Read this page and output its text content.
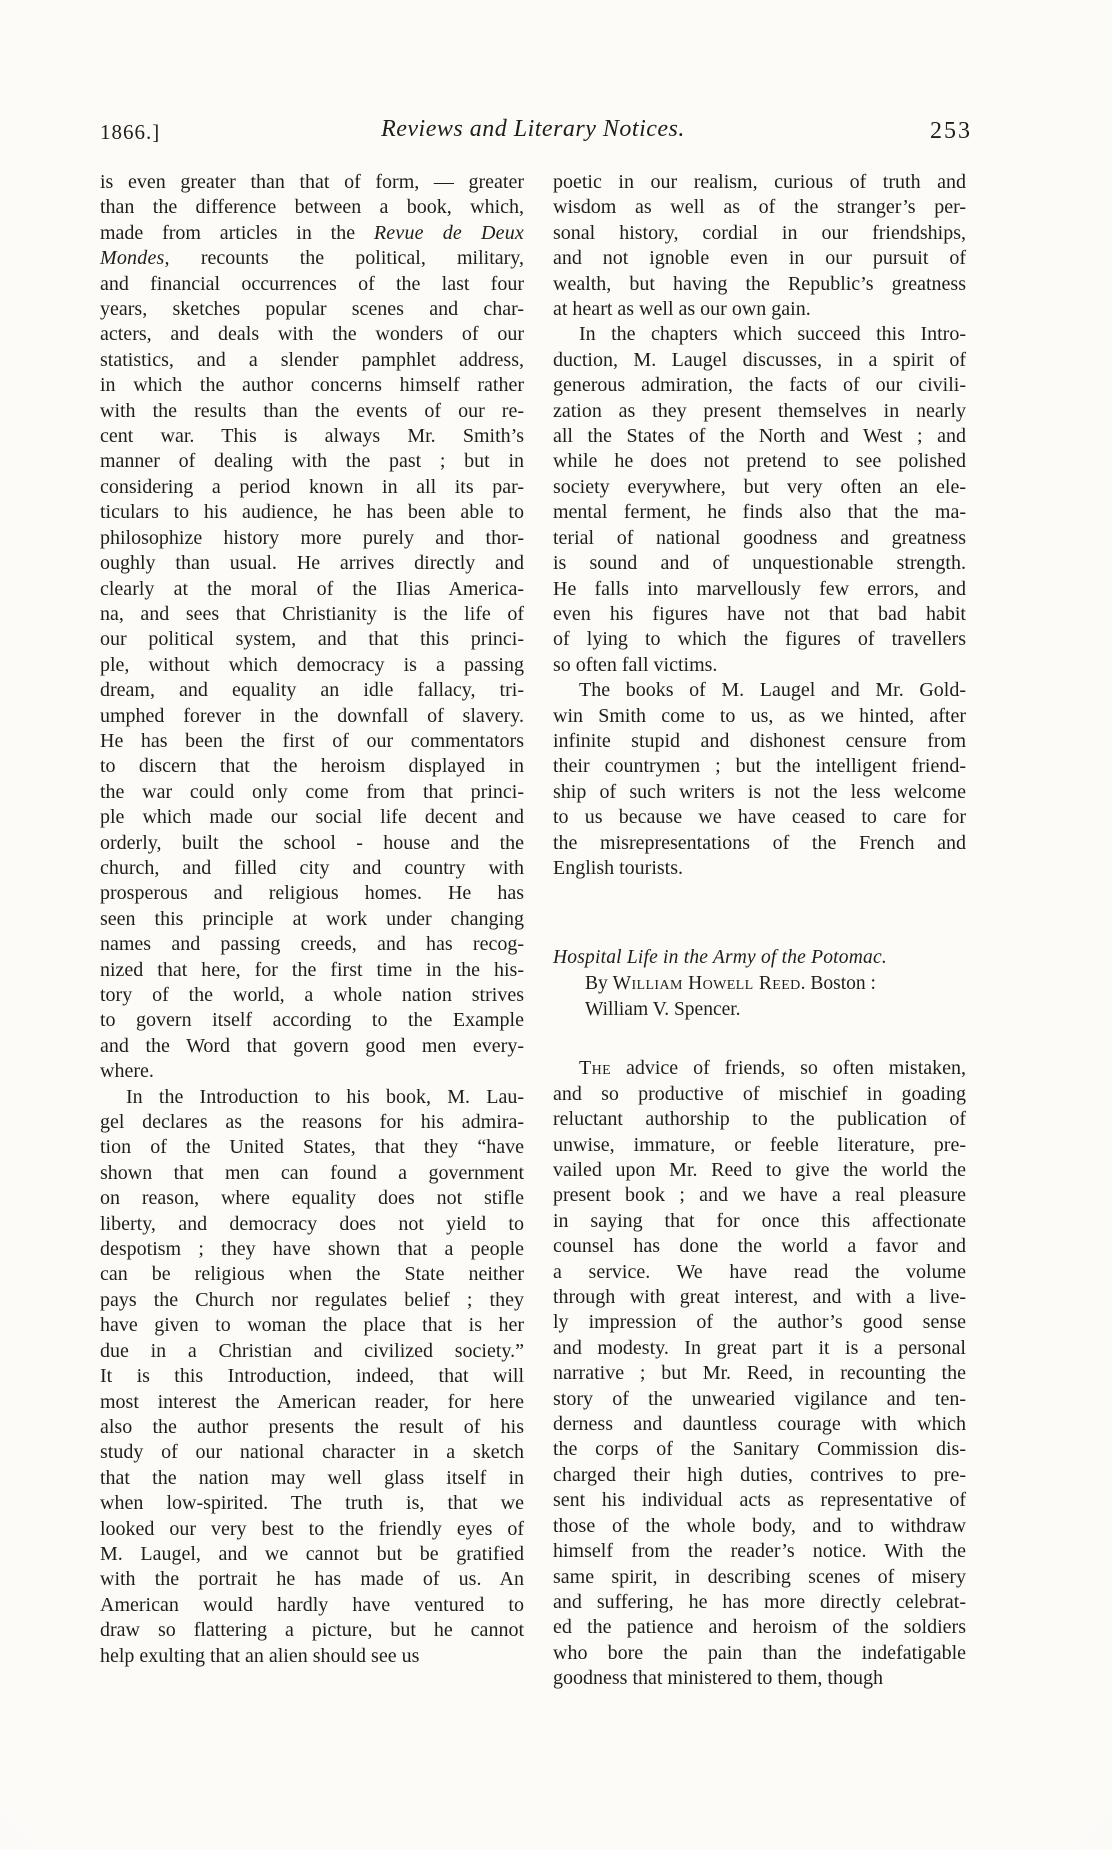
1866.]	Reviews and Literary Notices.	253
is even greater than that of form, — greater
than the difference between a book, which,
made from articles in the Revue de Deux
Mondes, recounts the political, military,
and financial occurrences of the last four
years, sketches popular scenes and char-
acters, and deals with the wonders of our
statistics, and a slender pamphlet address,
in which the author concerns himself rather
with the results than the events of our re-
cent war. This is always Mr. Smith’s
manner of dealing with the past ; but in
considering a period known in all its par-
ticulars to his audience, he has been able to
philosophize history more purely and thor-
oughly than usual. He arrives directly and
clearly at the moral of the Ilias America-
na, and sees that Christianity is the life of
our political system, and that this princi-
ple, without which democracy is a passing
dream, and equality an idle fallacy, tri-
umphed forever in the downfall of slavery.
He has been the first of our commentators
to discern that the heroism displayed in
the war could only come from that princi-
ple which made our social life decent and
orderly, built the school - house and the
church, and filled city and country with
prosperous and religious homes. He has
seen this principle at work under changing
names and passing creeds, and has recog-
nized that here, for the first time in the his-
tory of the world, a whole nation strives
to govern itself according to the Example
and the Word that govern good men every-
where.
In the Introduction to his book, M. Lau-
gel declares as the reasons for his admira-
tion of the United States, that they “have
shown that men can found a government
on reason, where equality does not stifle
liberty, and democracy does not yield to
despotism ; they have shown that a people
can be religious when the State neither
pays the Church nor regulates belief ; they
have given to woman the place that is her
due in a Christian and civilized society.”
It is this Introduction, indeed, that will
most interest the American reader, for here
also the author presents the result of his
study of our national character in a sketch
that the nation may well glass itself in
when low-spirited. The truth is, that we
looked our very best to the friendly eyes of
M. Laugel, and we cannot but be gratified
with the portrait he has made of us. An
American would hardly have ventured to
draw so flattering a picture, but he cannot
help exulting that an alien should see us
poetic in our realism, curious of truth and
wisdom as well as of the stranger’s per-
sonal history, cordial in our friendships,
and not ignoble even in our pursuit of
wealth, but having the Republic’s greatness
at heart as well as our own gain.
In the chapters which succeed this Intro-
duction, M. Laugel discusses, in a spirit of
generous admiration, the facts of our civili-
zation as they present themselves in nearly
all the States of the North and West ; and
while he does not pretend to see polished
society everywhere, but very often an ele-
mental ferment, he finds also that the ma-
terial of national goodness and greatness
is sound and of unquestionable strength.
He falls into marvellously few errors, and
even his figures have not that bad habit
of lying to which the figures of travellers
so often fall victims.
The books of M. Laugel and Mr. Gold-
win Smith come to us, as we hinted, after
infinite stupid and dishonest censure from
their countrymen ; but the intelligent friend-
ship of such writers is not the less welcome
to us because we have ceased to care for
the misrepresentations of the French and
English tourists.
Hospital Life in the Army of the Potomac.
By William Howell Reed. Boston :
William V. Spencer.
The advice of friends, so often mistaken,
and so productive of mischief in goading
reluctant authorship to the publication of
unwise, immature, or feeble literature, pre-
vailed upon Mr. Reed to give the world the
present book ; and we have a real pleasure
in saying that for once this affectionate
counsel has done the world a favor and
a service. We have read the volume
through with great interest, and with a live-
ly impression of the author’s good sense
and modesty. In great part it is a personal
narrative ; but Mr. Reed, in recounting the
story of the unwearied vigilance and ten-
derness and dauntless courage with which
the corps of the Sanitary Commission dis-
charged their high duties, contrives to pre-
sent his individual acts as representative of
those of the whole body, and to withdraw
himself from the reader’s notice. With the
same spirit, in describing scenes of misery
and suffering, he has more directly celebrat-
ed the patience and heroism of the soldiers
who bore the pain than the indefatigable
goodness that ministered to them, though
